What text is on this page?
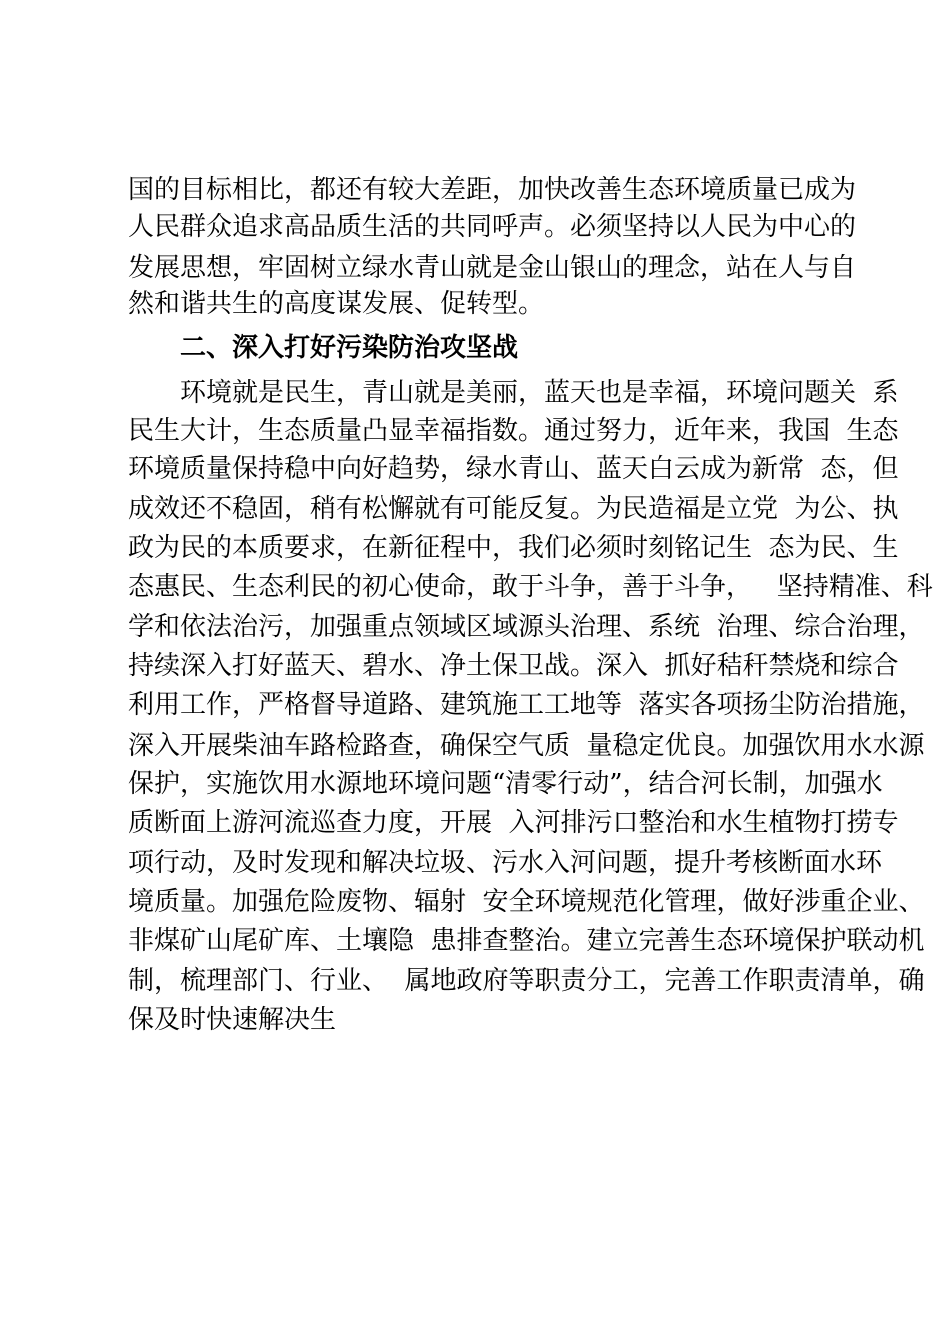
国的目标相比，都还有较大差距，加快改善生态环境质量已成为
人民群众追求高品质生活的共同呼声。必须坚持以人民为中心的
发展思想，牢固树立绿水青山就是金山银山的理念，站在人与自
然和谐共生的高度谋发展、促转型。
二、深入打好污染防治攻坚战
环境就是民生，青山就是美丽，蓝天也是幸福，环境问题关  系
民生大计，生态质量凸显幸福指数。通过努力，近年来，我国  生态
环境质量保持稳中向好趋势，绿水青山、蓝天白云成为新常  态，但
成效还不稳固，稍有松懈就有可能反复。为民造福是立党  为公、执
政为民的本质要求，在新征程中，我们必须时刻铭记生  态为民、生
态惠民、生态利民的初心使命，敢于斗争，善于斗争，   坚持精准、科
学和依法治污，加强重点领域区域源头治理、系统  治理、综合治理，
持续深入打好蓝天、碧水、净土保卫战。深入  抓好秸秆禁烧和综合
利用工作，严格督导道路、建筑施工工地等  落实各项扬尘防治措施，
深入开展柴油车路检路查，确保空气质  量稳定优良。加强饮用水水源
保护，实施饮用水源地环境问题“清零行动”，结合河长制，加强水
质断面上游河流巡查力度，开展  入河排污口整治和水生植物打捞专
项行动，及时发现和解决垃圾、污水入河问题，提升考核断面水环
境质量。加强危险废物、辐射  安全环境规范化管理，做好涉重企业、
非煤矿山尾矿库、土壤隐  患排查整治。建立完善生态环境保护联动机
制，梳理部门、行业、  属地政府等职责分工，完善工作职责清单，确
保及时快速解决生
